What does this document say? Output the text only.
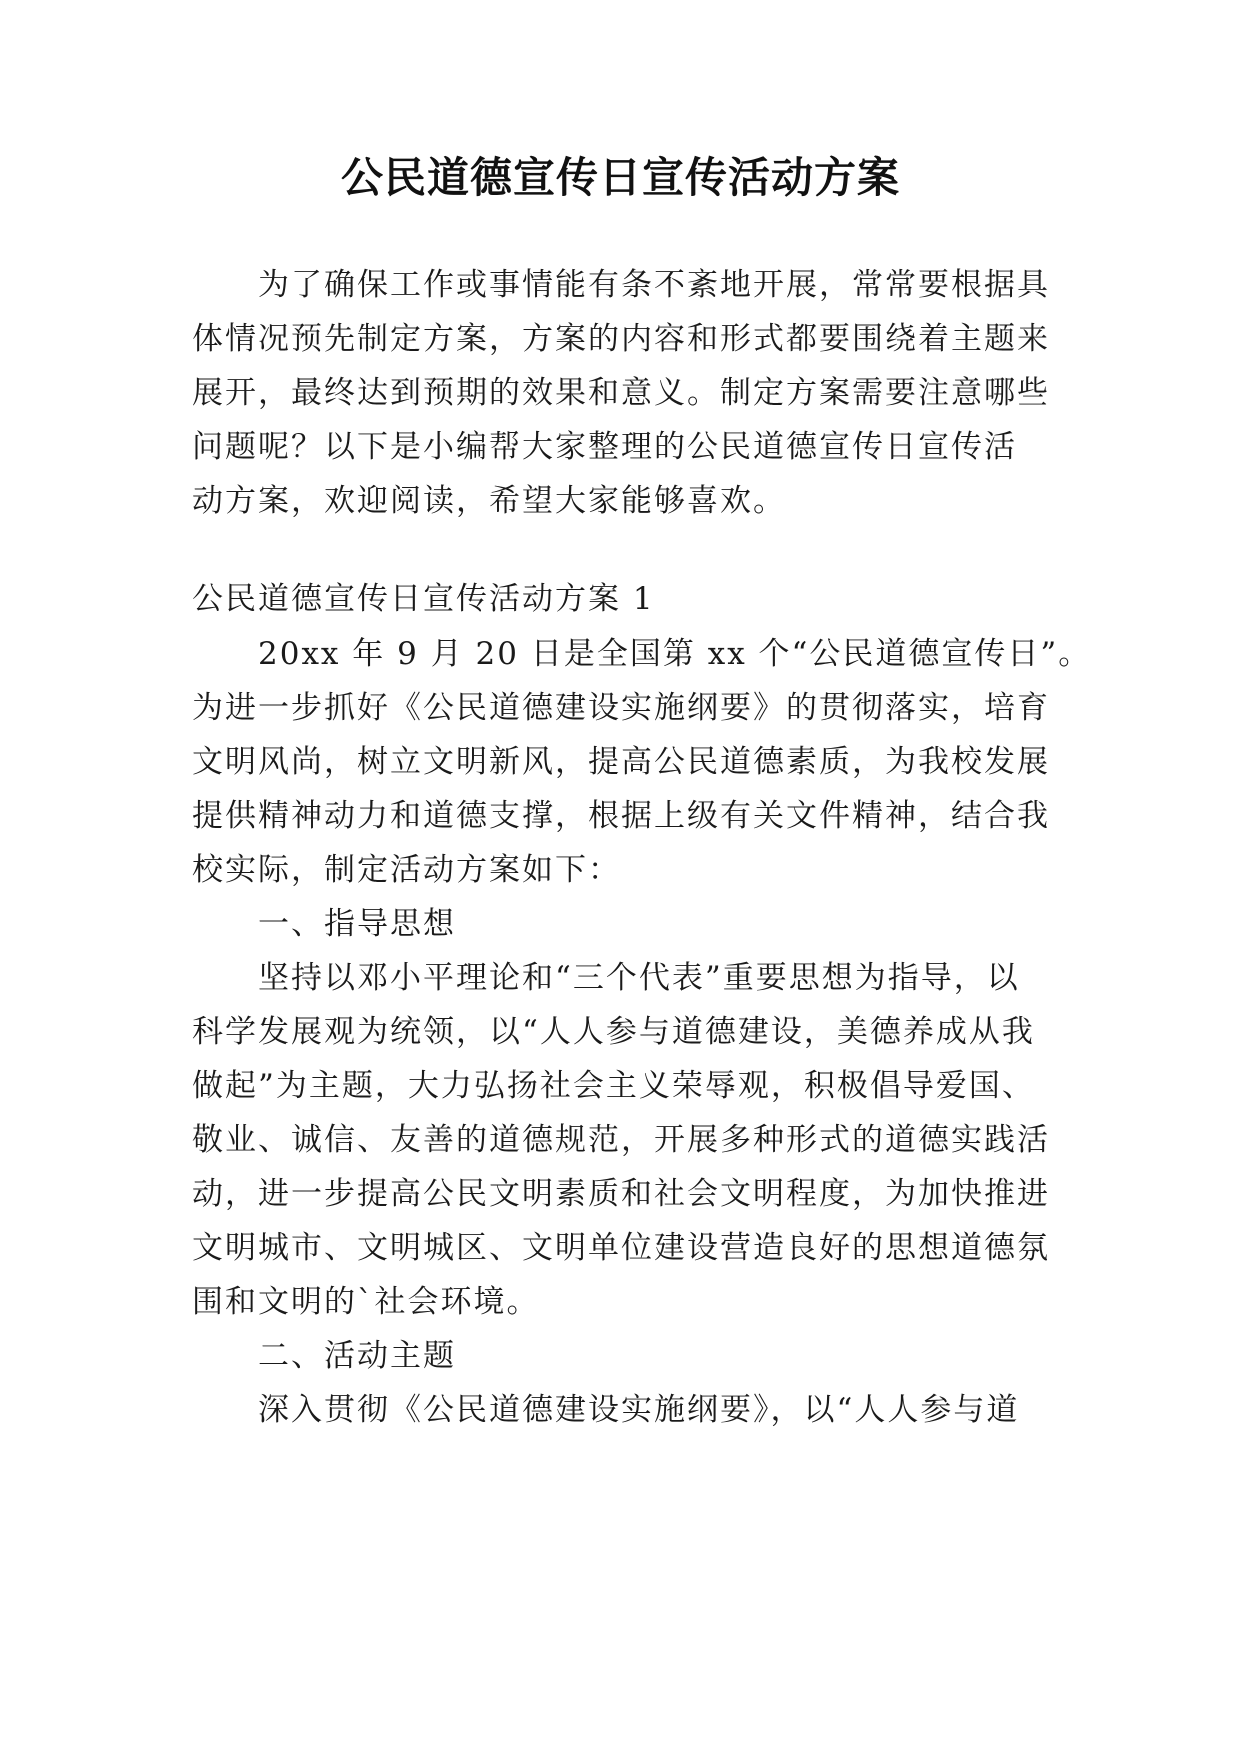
公民道德宣传日宣传活动方案
为了确保工作或事情能有条不紊地开展，常常要根据具
体情况预先制定方案，方案的内容和形式都要围绕着主题来
展开，最终达到预期的效果和意义。制定方案需要注意哪些
问题呢？以下是小编帮大家整理的公民道德宣传日宣传活
动方案，欢迎阅读，希望大家能够喜欢。
公民道德宣传日宣传活动方案 1
20xx 年 9 月 20 日是全国第 xx 个“公民道德宣传日”。
为进一步抓好《公民道德建设实施纲要》的贯彻落实，培育
文明风尚，树立文明新风，提高公民道德素质，为我校发展
提供精神动力和道德支撑，根据上级有关文件精神，结合我
校实际，制定活动方案如下：
一、指导思想
坚持以邓小平理论和“三个代表”重要思想为指导，以
科学发展观为统领，以“人人参与道德建设，美德养成从我
做起”为主题，大力弘扬社会主义荣辱观，积极倡导爱国、
敬业、诚信、友善的道德规范，开展多种形式的道德实践活
动，进一步提高公民文明素质和社会文明程度，为加快推进
文明城市、文明城区、文明单位建设营造良好的思想道德氛
围和文明的`社会环境。
二、活动主题
深入贯彻《公民道德建设实施纲要》，以“人人参与道
